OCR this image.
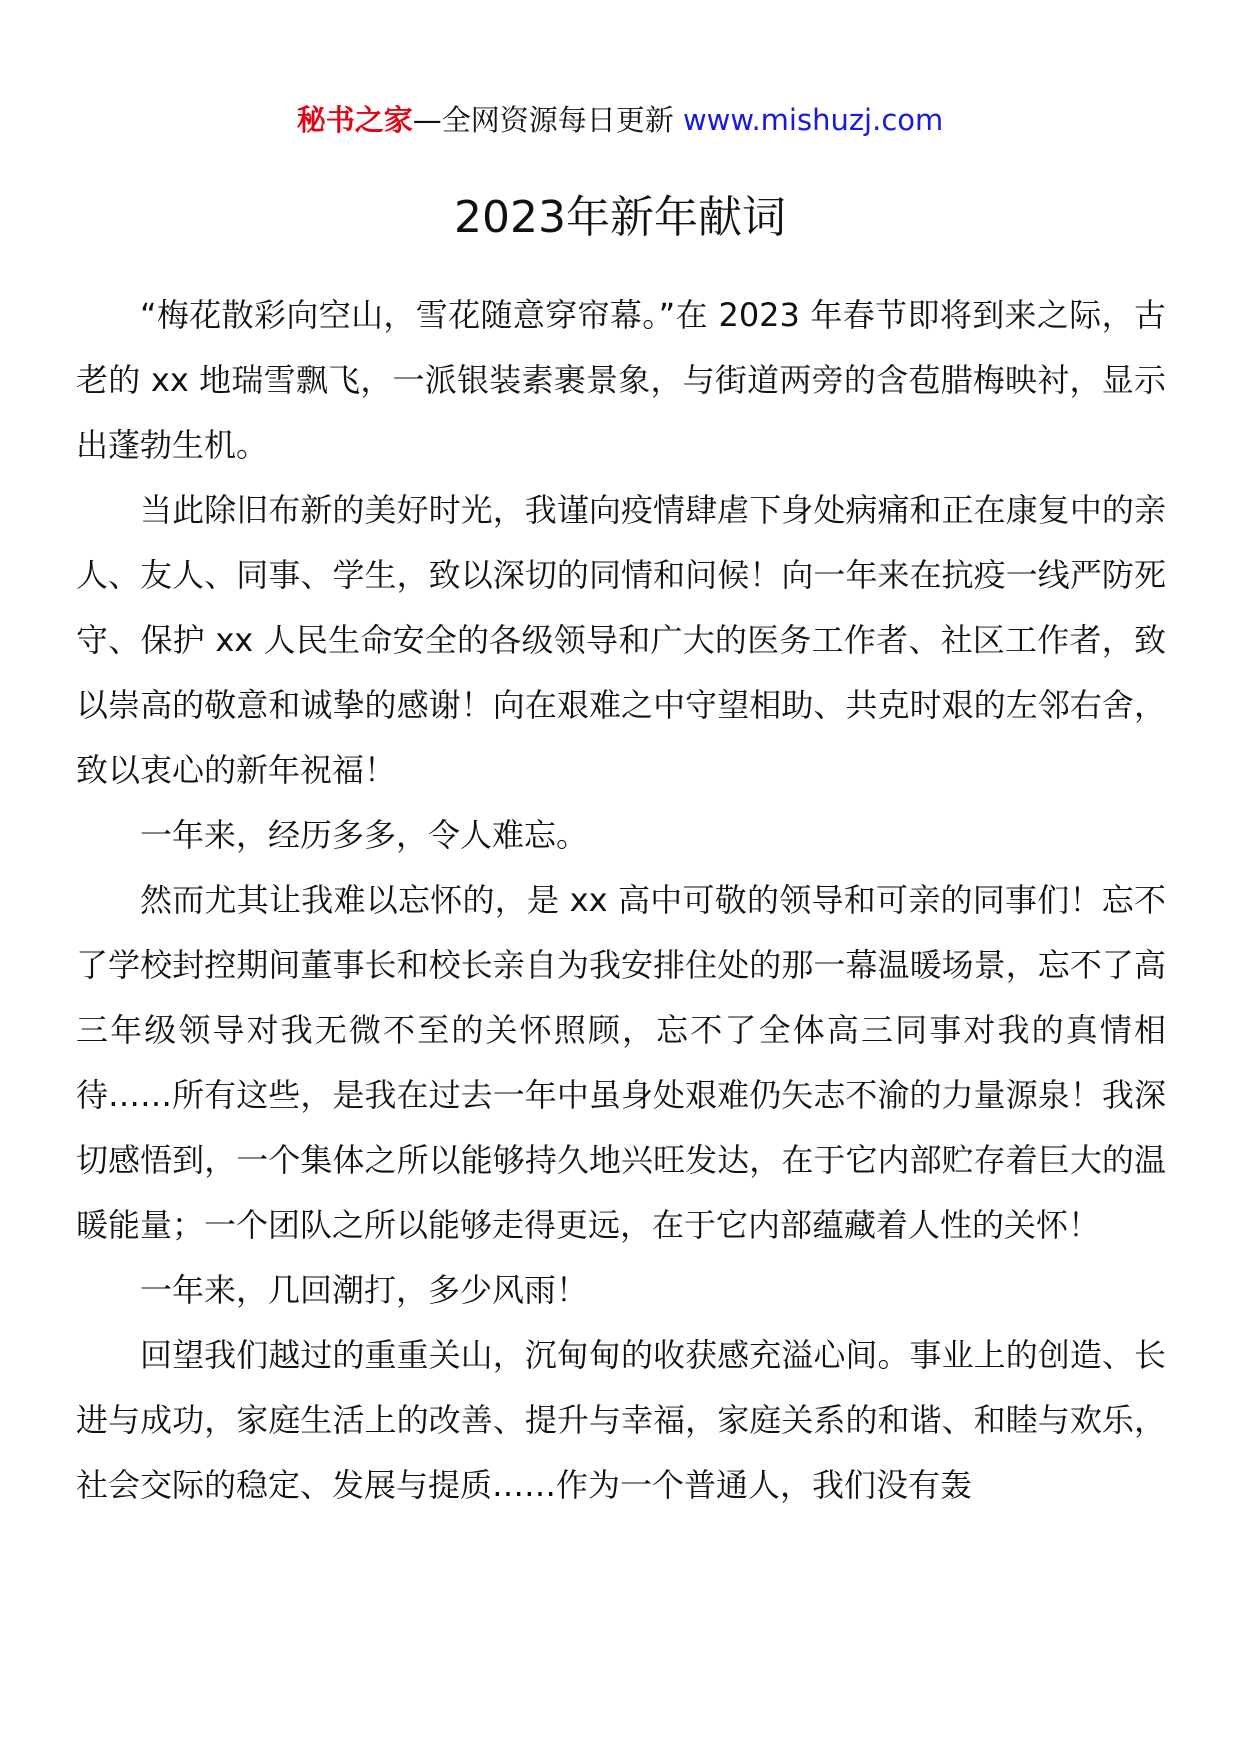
秘书之家—全网资源每日更新 www.mishuzj.com
2023年新年献词

“梅花散彩向空山，雪花随意穿帘幕。”在 2023 年春节即将到来之际，古老的 xx 地瑞雪飘飞，一派银装素裹景象，与街道两旁的含苞腊梅映衬，显示出蓬勃生机。

当此除旧布新的美好时光，我谨向疫情肆虐下身处病痛和正在康复中的亲人、友人、同事、学生，致以深切的同情和问候！向一年来在抗疫一线严防死守、保护 xx 人民生命安全的各级领导和广大的医务工作者、社区工作者，致以崇高的敬意和诚挚的感谢！向在艰难之中守望相助、共克时艰的左邻右舍，致以衷心的新年祝福！

一年来，经历多多，令人难忘。

然而尤其让我难以忘怀的，是 xx 高中可敬的领导和可亲的同事们！忘不了学校封控期间董事长和校长亲自为我安排住处的那一幕温暖场景，忘不了高三年级领导对我无微不至的关怀照顾，忘不了全体高三同事对我的真情相待……所有这些，是我在过去一年中虽身处艰难仍矢志不渝的力量源泉！我深切感悟到，一个集体之所以能够持久地兴旺发达，在于它内部贮存着巨大的温暖能量；一个团队之所以能够走得更远，在于它内部蕴藏着人性的关怀！

一年来，几回潮打，多少风雨！

回望我们越过的重重关山，沉甸甸的收获感充溢心间。事业上的创造、长进与成功，家庭生活上的改善、提升与幸福，家庭关系的和谐、和睦与欢乐，社会交际的稳定、发展与提质……作为一个普通人，我们没有轰
